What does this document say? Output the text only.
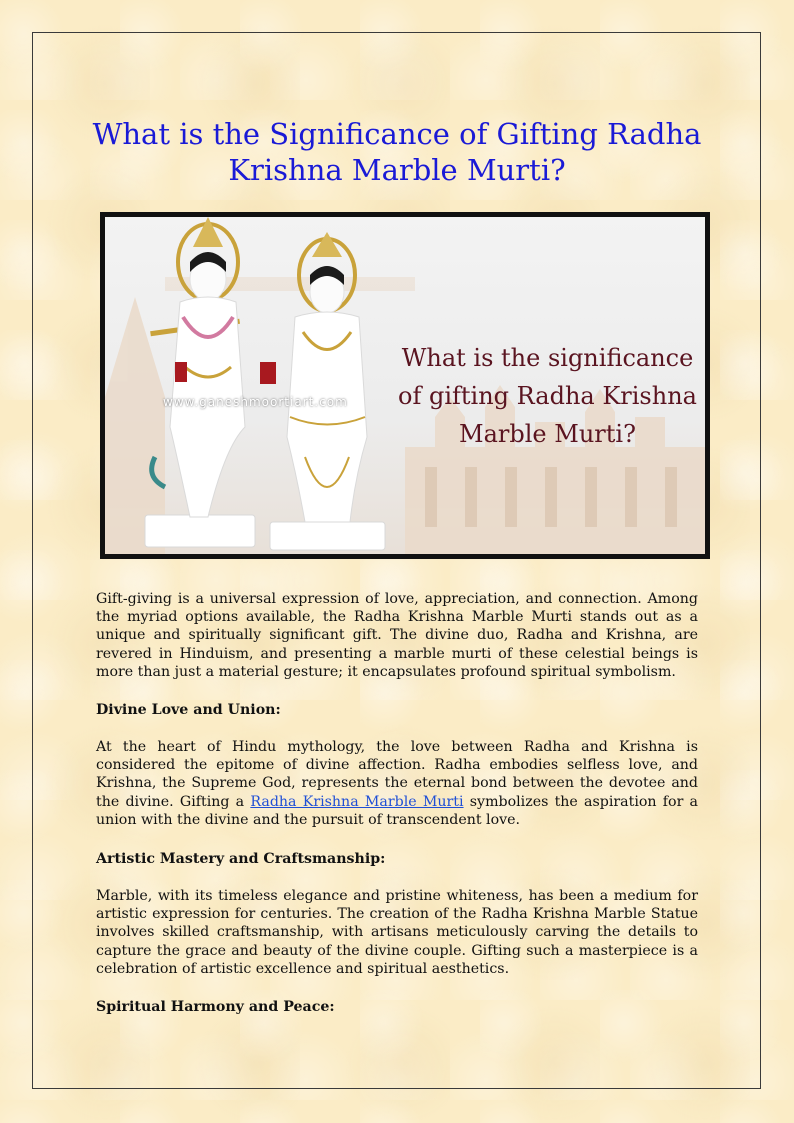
What is the Significance of Gifting Radha Krishna Marble Murti?
www.ganeshmoortiart.com
What is the significance of gifting Radha Krishna Marble Murti?

Gift-giving is a universal expression of love, appreciation, and connection. Among the myriad options available, the Radha Krishna Marble Murti stands out as a unique and spiritually significant gift. The divine duo, Radha and Krishna, are revered in Hinduism, and presenting a marble murti of these celestial beings is more than just a material gesture; it encapsulates profound spiritual symbolism.

Divine Love and Union:

At the heart of Hindu mythology, the love between Radha and Krishna is considered the epitome of divine affection. Radha embodies selfless love, and Krishna, the Supreme God, represents the eternal bond between the devotee and the divine. Gifting a Radha Krishna Marble Murti symbolizes the aspiration for a union with the divine and the pursuit of transcendent love.

Artistic Mastery and Craftsmanship:

Marble, with its timeless elegance and pristine whiteness, has been a medium for artistic expression for centuries. The creation of the Radha Krishna Marble Statue involves skilled craftsmanship, with artisans meticulously carving the details to capture the grace and beauty of the divine couple. Gifting such a masterpiece is a celebration of artistic excellence and spiritual aesthetics.

Spiritual Harmony and Peace:
